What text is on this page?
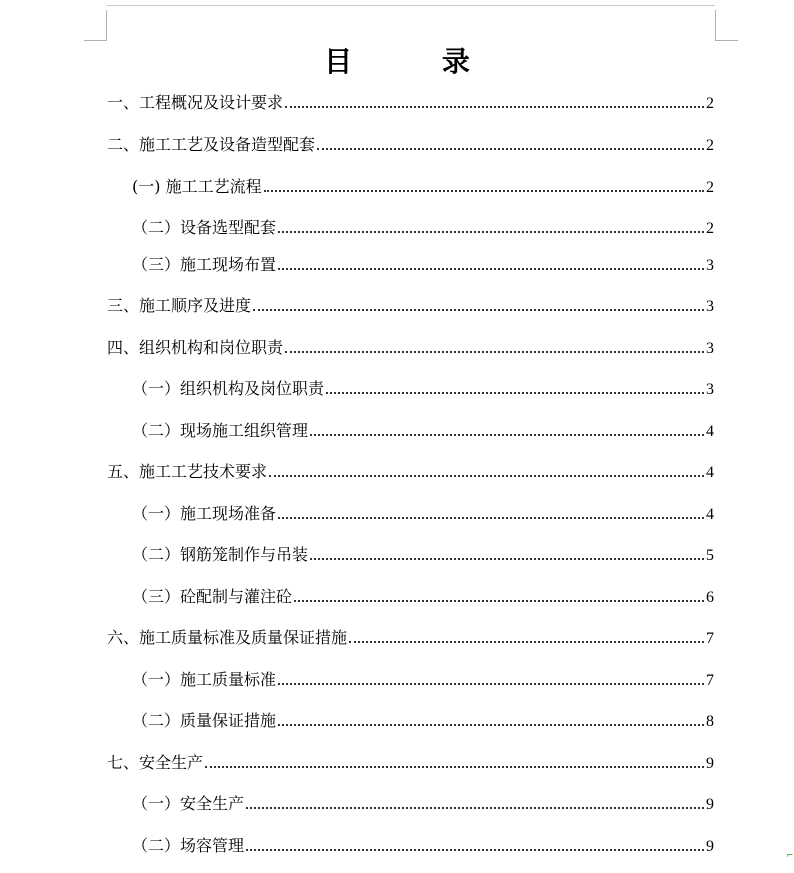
目 录
一、工程概况及设计要求	2
二、施工工艺及设备造型配套	2
(一) 施工工艺流程	2
（二）设备选型配套	2
（三）施工现场布置	3
三、施工顺序及进度	3
四、组织机构和岗位职责	3
（一）组织机构及岗位职责	3
（二）现场施工组织管理	4
五、施工工艺技术要求	4
（一）施工现场准备	4
（二）钢筋笼制作与吊装	5
（三）砼配制与灌注砼	6
六、施工质量标准及质量保证措施	7
（一）施工质量标准	7
（二）质量保证措施	8
七、安全生产	9
（一）安全生产	9
（二）场容管理	9
⌐
